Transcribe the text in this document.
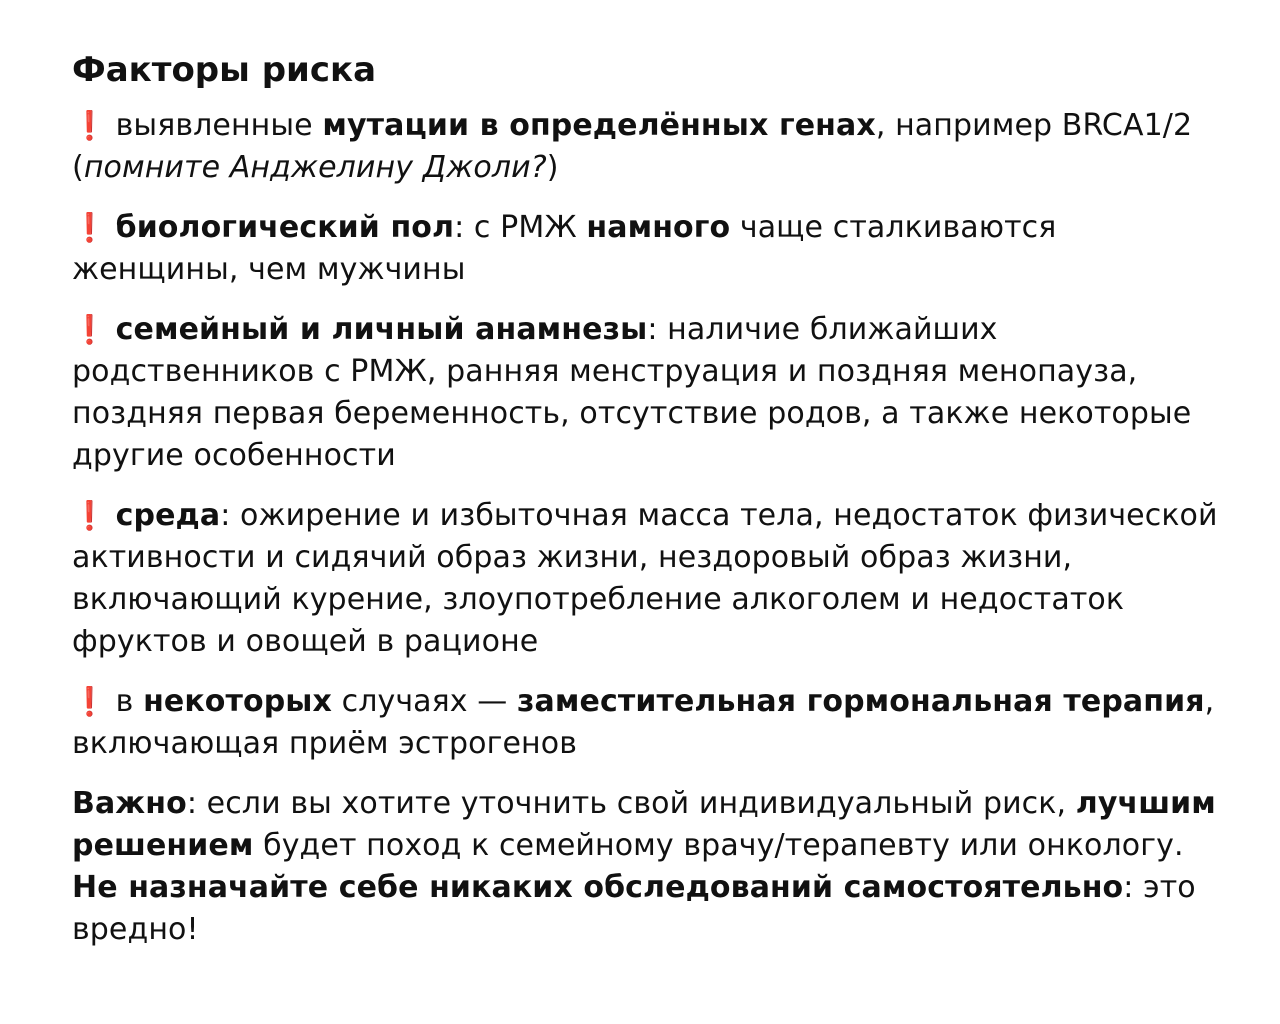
Факторы риска
❗ выявленные мутации в определённых генах, например BRCA1/2 (помните Анджелину Джоли?)
❗ биологический пол: с РМЖ намного чаще сталкиваются женщины, чем мужчины
❗ семейный и личный анамнезы: наличие ближайших родственников с РМЖ, ранняя менструация и поздняя менопауза, поздняя первая беременность, отсутствие родов, а также некоторые другие особенности
❗ среда: ожирение и избыточная масса тела, недостаток физической активности и сидячий образ жизни, нездоровый образ жизни, включающий курение, злоупотребление алкоголем и недостаток фруктов и овощей в рационе
❗ в некоторых случаях — заместительная гормональная терапия, включающая приём эстрогенов
Важно: если вы хотите уточнить свой индивидуальный риск, лучшим решением будет поход к семейному врачу/терапевту или онкологу. Не назначайте себе никаких обследований самостоятельно: это вредно!
